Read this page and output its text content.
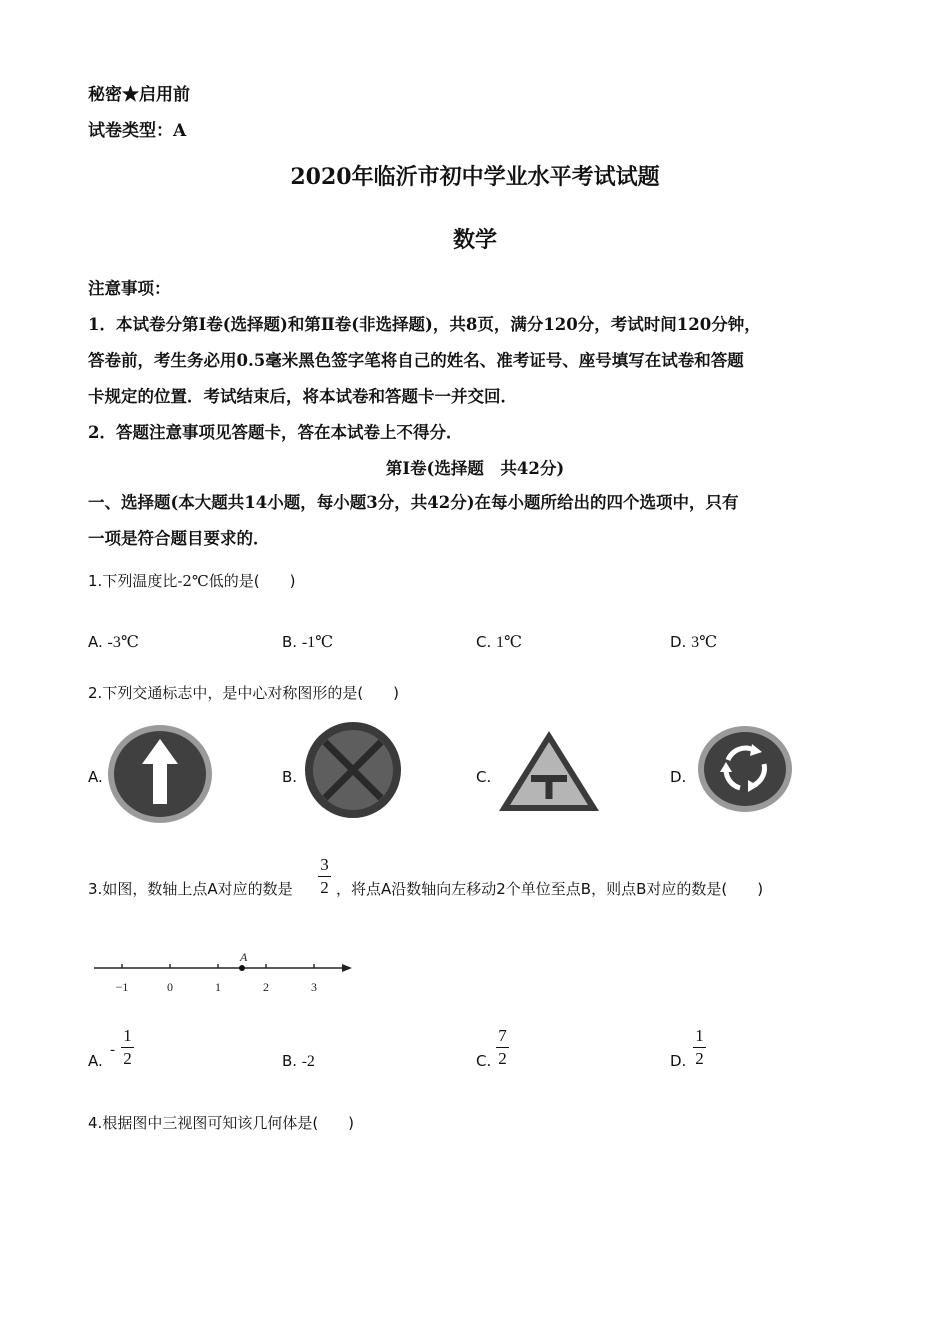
秘密★启用前
试卷类型：A
2020年临沂市初中学业水平考试试题
数学
注意事项：
1．本试卷分第Ⅰ卷(选择题)和第Ⅱ卷(非选择题)，共8页，满分120分，考试时间120分钟，
答卷前，考生务必用0.5毫米黑色签字笔将自己的姓名、准考证号、座号填写在试卷和答题
卡规定的位置．考试结束后，将本试卷和答题卡一并交回．
2．答题注意事项见答题卡，答在本试卷上不得分．
第Ⅰ卷(选择题　共42分)
一、选择题(本大题共14小题，每小题3分，共42分)在每小题所给出的四个选项中，只有
一项是符合题目要求的．
1.下列温度比-2℃低的是(　　)
A. -3℃	B. -1℃	C. 1℃	D. 3℃
2.下列交通标志中，是中心对称图形的是(　　)
A.	B.	C.	D.
3.如图，数轴上点A对应的数是
3
2 ，将点A沿数轴向左移动2个单位至点B，则点B对应的数是(　　)
−1	0	1	2	3
A
A.
-
1
2	B. -2	C.
7
2	D.
1
2
4.根据图中三视图可知该几何体是(　　)
